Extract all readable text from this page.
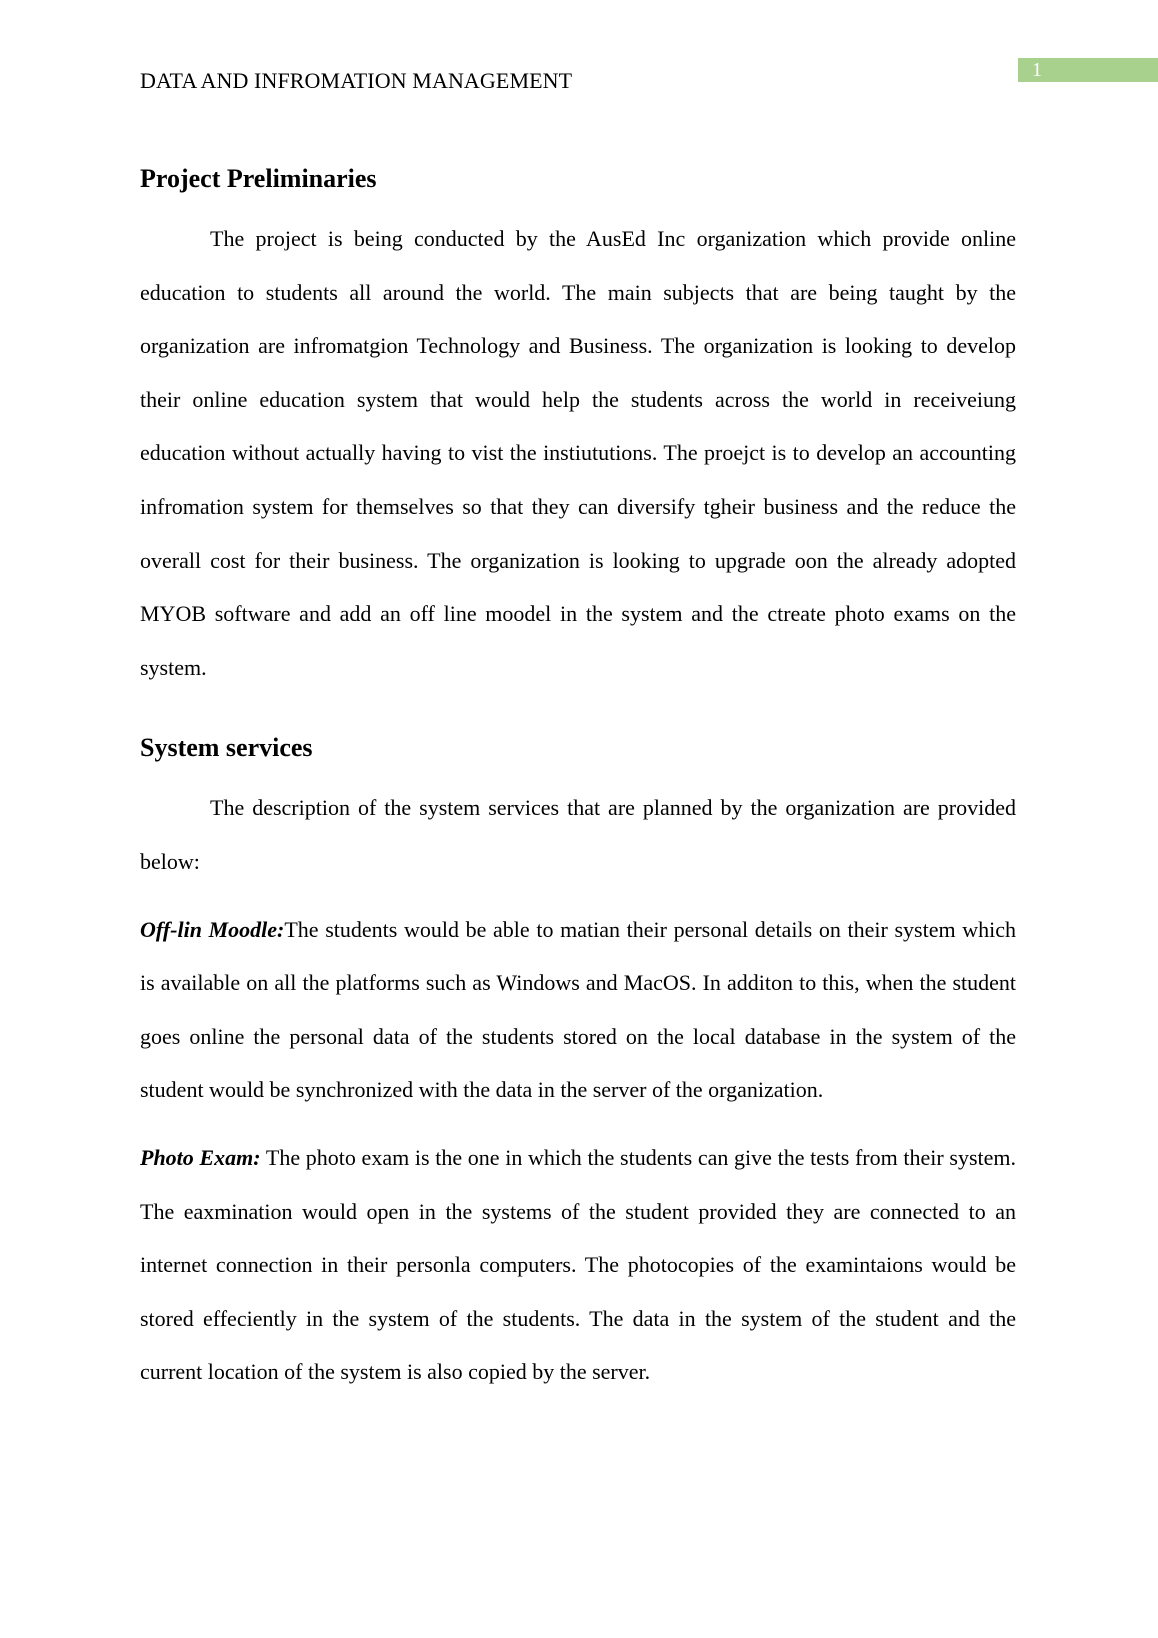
1
DATA AND INFROMATION MANAGEMENT
Project Preliminaries

The project is being conducted by the AusEd Inc organization which provide online education to students all around the world. The main subjects that are being taught by the organization are infromatgion Technology and Business. The organization is looking to develop their online education system that would help the students across the world in receiveiung education without actually having to vist the instiututions. The proejct is to develop an accounting infromation system for themselves so that they can diversify tgheir business and the reduce the overall cost for their business. The organization is looking to upgrade oon the already adopted MYOB software and add an off line moodel in the system and the ctreate photo exams on the system.

System services

The description of the system services that are planned by the organization are provided below:

Off-lin Moodle:The students would be able to matian their personal details on their system which is available on all the platforms such as Windows and MacOS. In additon to this, when the student goes online the personal data of the students stored on the local database in the system of the student would be synchronized with the data in the server of the organization.

Photo Exam: The photo exam is the one in which the students can give the tests from their system. The eaxmination would open in the systems of the student provided they are connected to an internet connection in their personla computers. The photocopies of the examintaions would be stored effeciently in the system of the students. The data in the system of the student and the current location of the system is also copied by the server.
